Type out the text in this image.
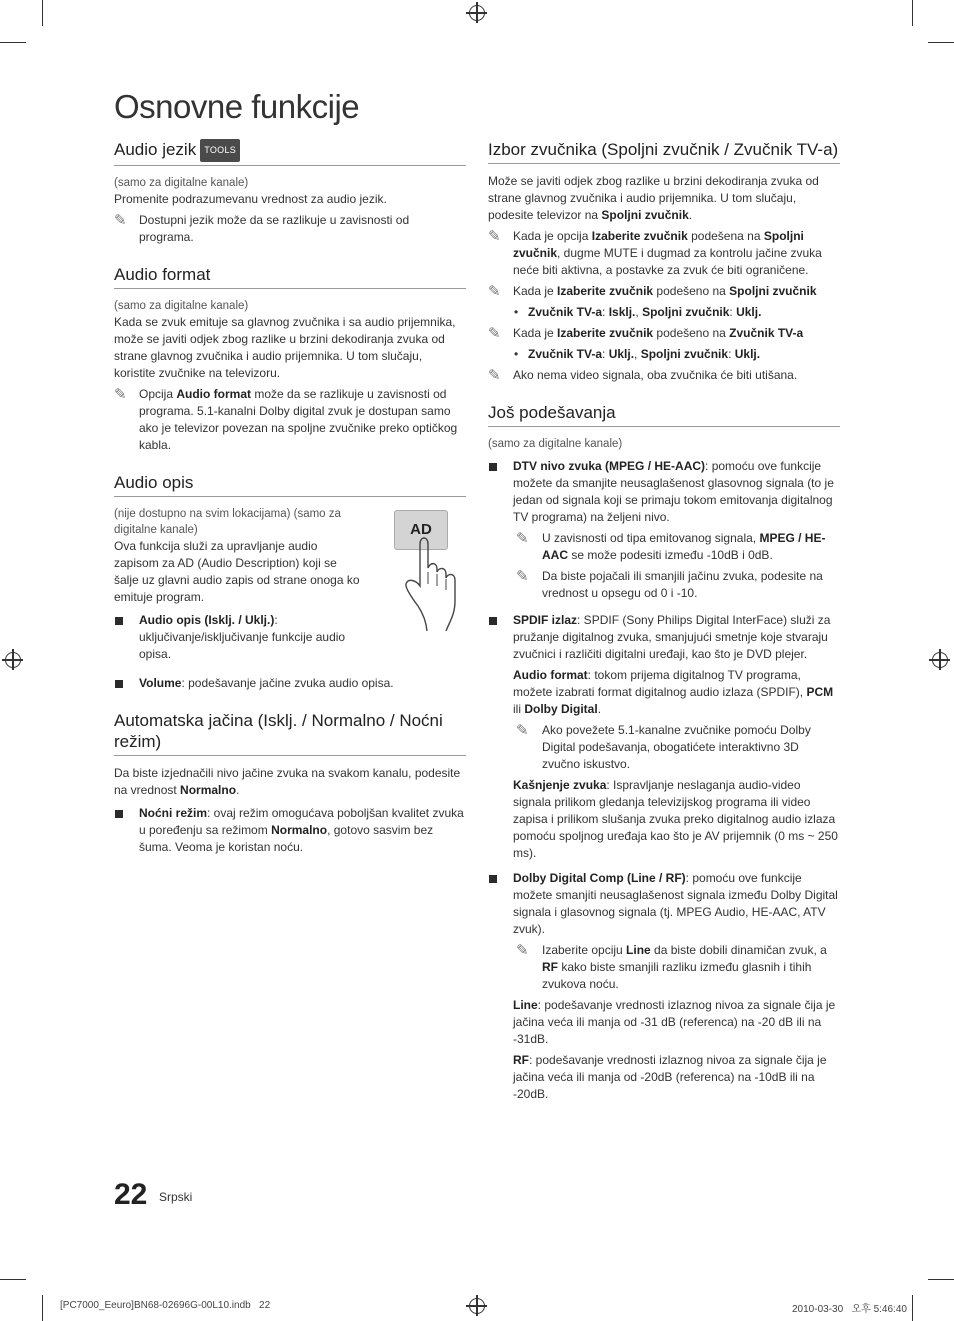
Osnovne funkcije
Audio jezik TOOLS

(samo za digitalne kanale)

Promenite podrazumevanu vrednost za audio jezik.

✎ Dostupni jezik može da se razlikuje u zavisnosti od programa.
Audio format

(samo za digitalne kanale)

Kada se zvuk emituje sa glavnog zvučnika i sa audio prijemnika, može se javiti odjek zbog razlike u brzini dekodiranja zvuka od strane glavnog zvučnika i audio prijemnika. U tom slučaju, koristite zvučnike na televizoru.

✎ Opcija Audio format može da se razlikuje u zavisnosti od programa. 5.1-kanalni Dolby digital zvuk je dostupan samo ako je televizor povezan na spoljne zvučnike preko optičkog kabla.
Audio opis

(nije dostupno na svim lokacijama) (samo za digitalne kanale)

Ova funkcija služi za upravljanje audio zapisom za AD (Audio Description) koji se šalje uz glavni audio zapis od strane onoga ko emituje program.

Audio opis (Isklj. / Uklj.): uključivanje/isključivanje funkcije audio opisa.
AD
Volume: podešavanje jačine zvuka audio opisa.
Automatska jačina (Isklj. / Normalno / Noćni režim)

Da biste izjednačili nivo jačine zvuka na svakom kanalu, podesite na vrednost Normalno.

Noćni režim: ovaj režim omogućava poboljšan kvalitet zvuka u poređenju sa režimom Normalno, gotovo sasvim bez šuma. Veoma je koristan noću.
Izbor zvučnika (Spoljni zvučnik / Zvučnik TV-a)

Može se javiti odjek zbog razlike u brzini dekodiranja zvuka od strane glavnog zvučnika i audio prijemnika. U tom slučaju, podesite televizor na Spoljni zvučnik.

✎ Kada je opcija Izaberite zvučnik podešena na Spoljni zvučnik, dugme MUTE i dugmad za kontrolu jačine zvuka neće biti aktivna, a postavke za zvuk će biti ograničene.
✎ Kada je Izaberite zvučnik podešeno na Spoljni zvučnik
• Zvučnik TV-a: Isklj., Spoljni zvučnik: Uklj.
✎ Kada je Izaberite zvučnik podešeno na Zvučnik TV-a
• Zvučnik TV-a: Uklj., Spoljni zvučnik: Uklj.
✎ Ako nema video signala, oba zvučnika će biti utišana.
Još podešavanja

(samo za digitalne kanale)

DTV nivo zvuka (MPEG / HE-AAC): pomoću ove funkcije možete da smanjite neusaglašenost glasovnog signala (to je jedan od signala koji se primaju tokom emitovanja digitalnog TV programa) na željeni nivo.
✎ U zavisnosti od tipa emitovanog signala, MPEG / HE-AAC se može podesiti između -10dB i 0dB.
✎ Da biste pojačali ili smanjili jačinu zvuka, podesite na vrednost u opsegu od 0 i -10.
SPDIF izlaz: SPDIF (Sony Philips Digital InterFace) služi za pružanje digitalnog zvuka, smanjujući smetnje koje stvaraju zvučnici i različiti digitalni uređaji, kao što je DVD plejer.
Audio format: tokom prijema digitalnog TV programa, možete izabrati format digitalnog audio izlaza (SPDIF), PCM ili Dolby Digital.
✎ Ako povežete 5.1-kanalne zvučnike pomoću Dolby Digital podešavanja, obogatićete interaktivno 3D zvučno iskustvo.
Kašnjenje zvuka: Ispravljanje neslaganja audio-video signala prilikom gledanja televizijskog programa ili video zapisa i prilikom slušanja zvuka preko digitalnog audio izlaza pomoću spoljnog uređaja kao što je AV prijemnik (0 ms ~ 250 ms).
Dolby Digital Comp (Line / RF): pomoću ove funkcije možete smanjiti neusaglašenost signala između Dolby Digital signala i glasovnog signala (tj. MPEG Audio, HE-AAC, ATV zvuk).
✎ Izaberite opciju Line da biste dobili dinamičan zvuk, a RF kako biste smanjili razliku između glasnih i tihih zvukova noću.
Line: podešavanje vrednosti izlaznog nivoa za signale čija je jačina veća ili manja od -31 dB (referenca) na -20 dB ili na -31dB.
RF: podešavanje vrednosti izlaznog nivoa za signale čija je jačina veća ili manja od -20dB (referenca) na -10dB ili na -20dB.
22 Srpski
[PC7000_Eeuro]BN68-02696G-00L10.indb   22	2010-03-30   오후 5:46:40
